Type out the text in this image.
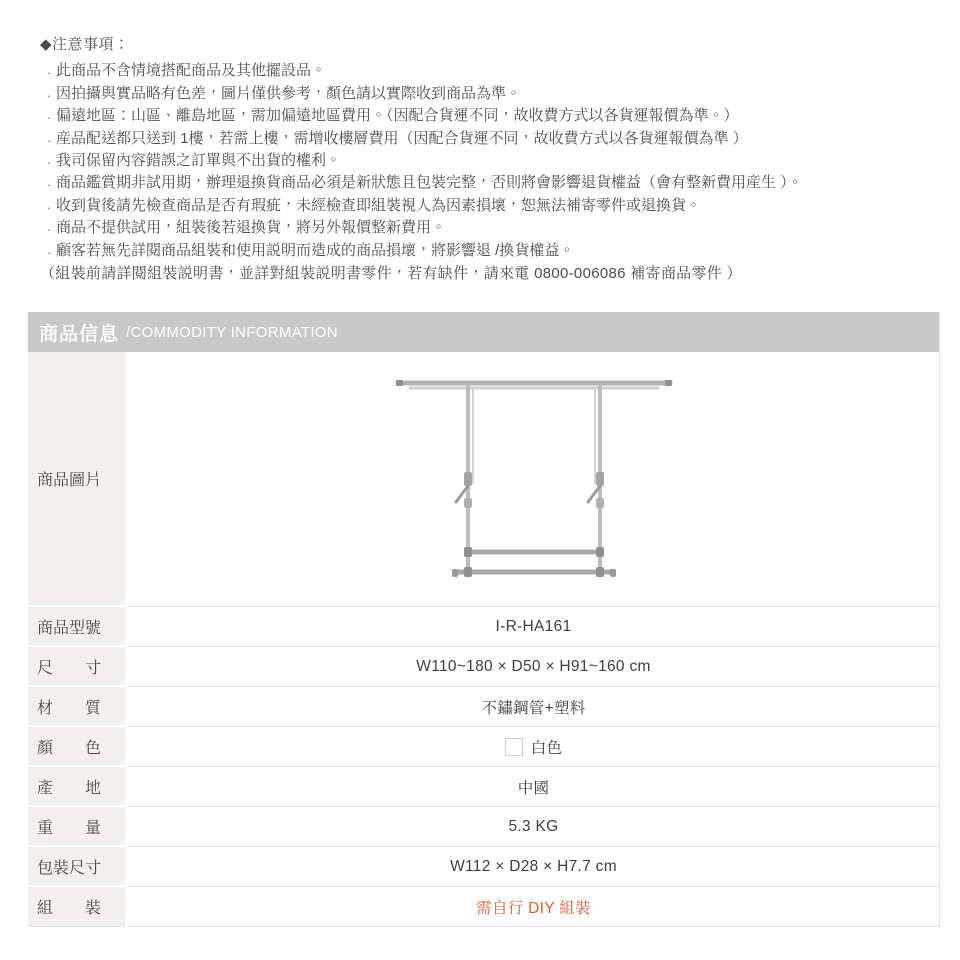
◆注意事項：
· 此商品不含情境搭配商品及其他擺設品。
· 因拍攝與實品略有色差，圖片僅供參考，顏色請以實際收到商品為準。
· 偏遠地區：山區、離島地區，需加偏遠地區費用。（因配合貨運不同，故收費方式以各貨運報價為準。）
· 産品配送都只送到 1樓，若需上樓，需增收樓層費用（因配合貨運不同，故收費方式以各貨運報價為準 ）
· 我司保留內容錯誤之訂單與不出貨的權利。
· 商品鑑賞期非試用期，辦理退換貨商品必須是新狀態且包裝完整，否則將會影響退貨權益（會有整新費用産生 ）。
· 收到貨後請先檢查商品是否有瑕疵，未經檢查即組裝視人為因素損壞，恕無法補寄零件或退換貨。
· 商品不提供試用，組裝後若退換貨，將另外報價整新費用。
· 顧客若無先詳閱商品組裝和使用説明而造成的商品損壞，將影響退 /換貨權益。
（組裝前請詳閱組裝説明書，並詳對組裝説明書零件，若有缺件，請來電 0800-006086 補寄商品零件 ）
商品信息 /COMMODITY INFORMATION
商品圖片
商品型號	I-R-HA161
尺　　寸	W110~180 × D50 × H91~160 cm
材　　質	不鏽鋼管+塑料
顏　　色	白色
產　　地	中國
重　　量	5.3 KG
包裝尺寸	W112 × D28 × H7.7 cm
組　　裝	需自行 DIY 組裝
